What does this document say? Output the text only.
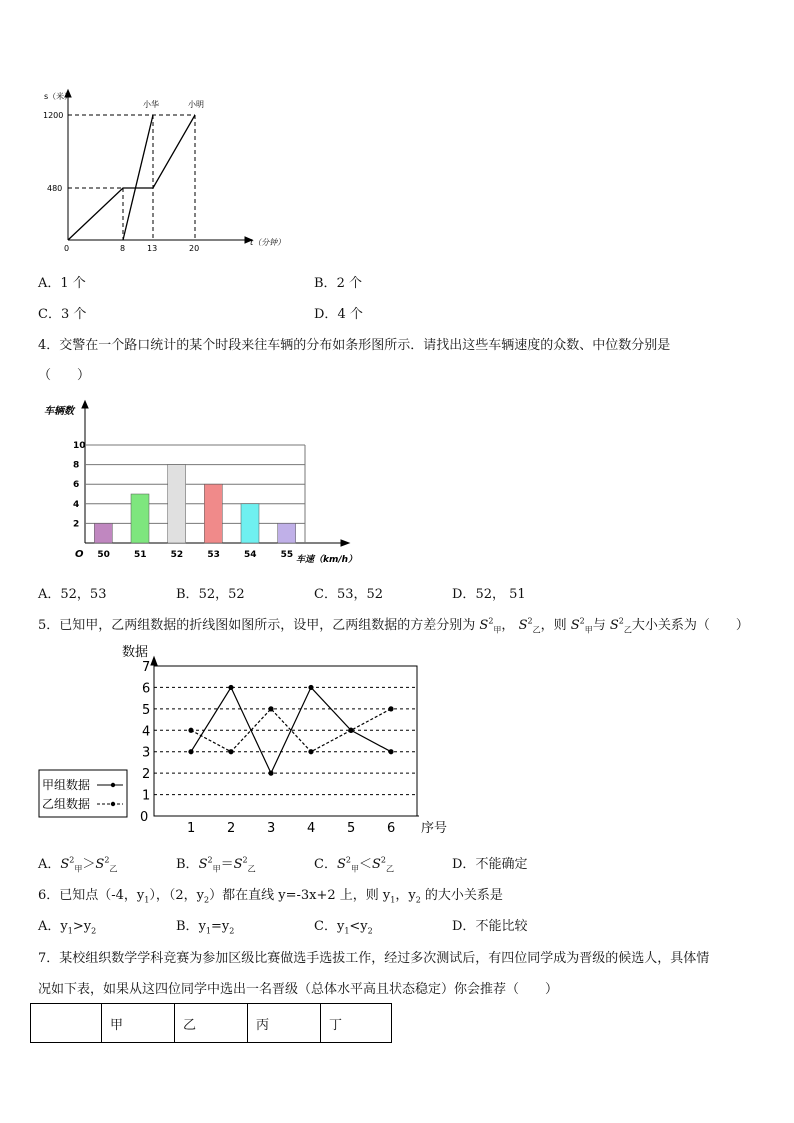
s（米）
1200
480
0	8	13	20
t（分钟）
小华	小明
A．1 个	B．2 个
C．3 个	D．4 个
4．交警在一个路口统计的某个时段来往车辆的分布如条形图所示．请找出这些车辆速度的众数、中位数分别是
（　　）
2
4
6
8
10
50	51	52	53	54	55
车辆数
O	车速（km/h）
A．52，53	B．52，52	C．53，52	D．52， 51
5．已知甲，乙两组数据的折线图如图所示，设甲，乙两组数据的方差分别为 $S^2_甲$， $S^2_乙$，则 $S^2_甲$与 $S^2_乙$大小关系为（　　）
1
2
3
4
5
6
7
1 2 3 4 5 6
数据
序号
0
甲组数据
乙组数据
A．$S^2_甲>S^2_乙$	B．$S^2_甲=S^2_乙$	C．$S^2_甲<S^2_乙$	D．不能确定
6．已知点（-4，$y_1$），（2，$y_2$）都在直线 y=-3x+2 上，则 $y_1$，$y_2$ 的大小关系是
A．$y_1>y_2$	B．$y_1=y_2$	C．$y_1<y_2$	D．不能比较
7．某校组织数学学科竞赛为参加区级比赛做选手选拔工作，经过多次测试后，有四位同学成为晋级的候选人，具体情
况如下表，如果从这四位同学中选出一名晋级（总体水平高且状态稳定）你会推荐（　　）
	甲	乙	丙	丁
